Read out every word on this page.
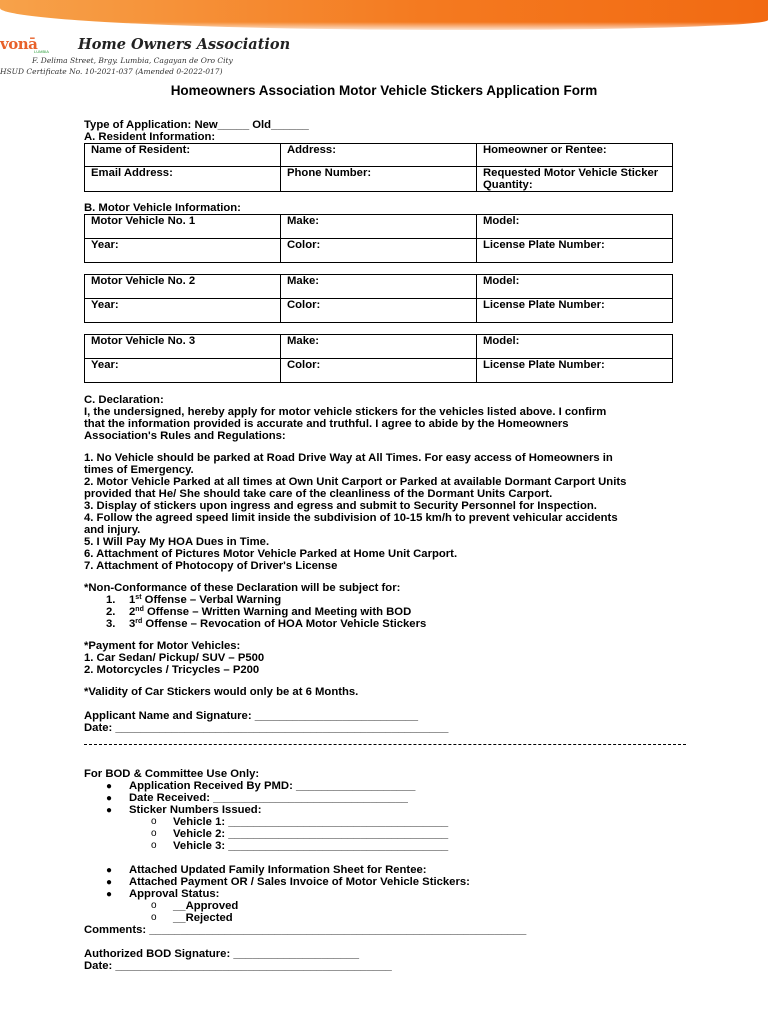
vonā
LUMBIA Home Owners Association
F. Delima Street, Brgy. Lumbia, Cagayan de Oro City
HSUD Certificate No. 10-2021-037 (Amended 0-2022-017)
Homeowners Association Motor Vehicle Stickers Application Form
Type of Application: New_____ Old______
A. Resident Information:
Name of Resident:	Address:	Homeowner or Rentee:
Email Address:	Phone Number:	Requested Motor Vehicle Sticker Quantity:
B. Motor Vehicle Information:
Motor Vehicle No. 1	Make:	Model:
Year:	Color:	License Plate Number:
Motor Vehicle No. 2	Make:	Model:
Year:	Color:	License Plate Number:
Motor Vehicle No. 3	Make:	Model:
Year:	Color:	License Plate Number:
C. Declaration:
I, the undersigned, hereby apply for motor vehicle stickers for the vehicles listed above. I confirm
that the information provided is accurate and truthful. I agree to abide by the Homeowners
Association's Rules and Regulations:
1. No Vehicle should be parked at Road Drive Way at All Times. For easy access of Homeowners in
times of Emergency.
2. Motor Vehicle Parked at all times at Own Unit Carport or Parked at available Dormant Carport Units
provided that He/ She should take care of the cleanliness of the Dormant Units Carport.
3. Display of stickers upon ingress and egress and submit to Security Personnel for Inspection.
4. Follow the agreed speed limit inside the subdivision of 10-15 km/h to prevent vehicular accidents
and injury.
5. I Will Pay My HOA Dues in Time.
6. Attachment of Pictures Motor Vehicle Parked at Home Unit Carport.
7. Attachment of Photocopy of Driver's License
*Non-Conformance of these Declaration will be subject for:
1. 1st Offense – Verbal Warning
2. 2nd Offense – Written Warning and Meeting with BOD
3. 3rd Offense – Revocation of HOA Motor Vehicle Stickers
*Payment for Motor Vehicles:
1. Car Sedan/ Pickup/ SUV – P500
2. Motorcycles / Tricycles – P200
*Validity of Car Stickers would only be at 6 Months.
Applicant Name and Signature: __________________________
Date: _____________________________________________________
For BOD & Committee Use Only:
● Application Received By PMD: ___________________
● Date Received: _______________________________
● Sticker Numbers Issued:
o Vehicle 1: ___________________________________
o Vehicle 2: ___________________________________
o Vehicle 3: ___________________________________
● Attached Updated Family Information Sheet for Rentee:
● Attached Payment OR / Sales Invoice of Motor Vehicle Stickers:
● Approval Status:
o __Approved
o __Rejected
Comments: ____________________________________________________________
Authorized BOD Signature: ____________________
Date: ____________________________________________
